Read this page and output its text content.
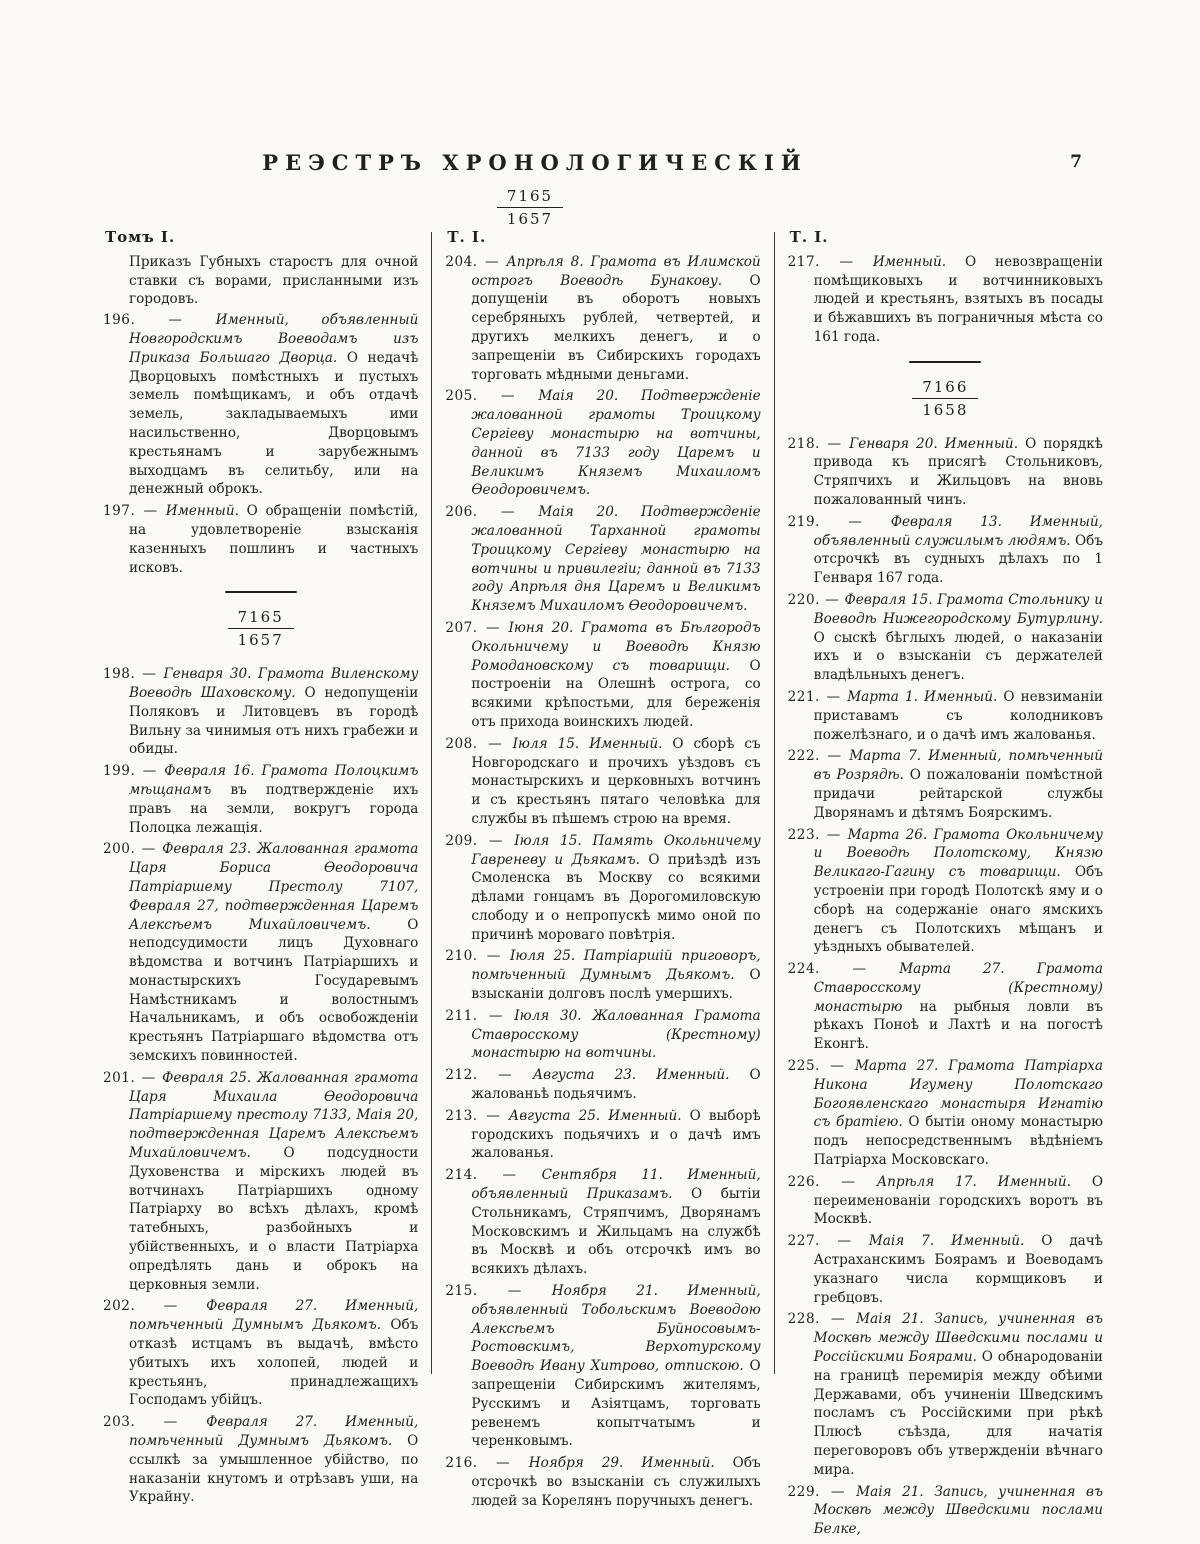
РЕЭСТРЪ ХРОНОЛОГИЧЕСКІЙ	7
$\frac{7165}{1657}$
Томъ I.

Приказъ Губныхъ старостъ для очной ставки съ ворами, присланными изъ городовъ.

196. — Именный, объявленный Новгородскимъ Воеводамъ изъ Приказа Большаго Дворца. О недачѣ Дворцовыхъ помѣстныхъ и пустыхъ земель помѣщикамъ, и объ отдачѣ земель, закладываемыхъ ими насильственно, Дворцовымъ крестьянамъ и зарубежнымъ выходцамъ въ селитьбу, или на денежный оброкъ.

197. — Именный. О обращеніи помѣстій, на удовлетвореніе взысканія казенныхъ пошлинъ и частныхъ исковъ.

$\frac{7165}{1657}$

198. — Генваря 30. Грамота Виленскому Воеводѣ Шаховскому. О недопущеніи Поляковъ и Литовцевъ въ городѣ Вильну за чинимыя отъ нихъ грабежи и обиды.

199. — Февраля 16. Грамота Полоцкимъ мѣщанамъ въ подтвержденіе ихъ правъ на земли, вокругъ города Полоцка лежащія.

200. — Февраля 23. Жалованная грамота Царя Бориса Ѳеодоровича Патріаршему Престолу 7107, Февраля 27, подтвержденная Царемъ Алексѣемъ Михайловичемъ. О неподсудимости лицъ Духовнаго вѣдомства и вотчинъ Патріаршихъ и монастырскихъ Государевымъ Намѣстникамъ и волостнымъ Начальникамъ, и объ освобожденіи крестьянъ Патріаршаго вѣдомства отъ земскихъ повинностей.

201. — Февраля 25. Жалованная грамота Царя Михаила Ѳеодоровича Патріаршему престолу 7133, Маія 20, подтвержденная Царемъ Алексѣемъ Михайловичемъ. О подсудности Духовенства и мірскихъ людей въ вотчинахъ Патріаршихъ одному Патріарху во всѣхъ дѣлахъ, кромѣ татебныхъ, разбойныхъ и убійственныхъ, и о власти Патріарха опредѣлять дань и оброкъ на церковныя земли.

202. — Февраля 27. Именный, помѣченный Думнымъ Дьякомъ. Объ отказѣ истцамъ въ выдачѣ, вмѣсто убитыхъ ихъ холопей, людей и крестьянъ, принадлежащихъ Господамъ убійцъ.

203. — Февраля 27. Именный, помѣченный Думнымъ Дьякомъ. О ссылкѣ за умышленное убійство, по наказаніи кнутомъ и отрѣзавъ уши, на Украйну.

Т. I.

204. — Апрѣля 8. Грамота въ Илимской острогъ Воеводѣ Бунакову. О допущеніи въ оборотъ новыхъ серебряныхъ рублей, четвертей, и другихъ мелкихъ денегъ, и о запрещеніи въ Сибирскихъ городахъ торговать мѣдными деньгами.

205. — Маія 20. Подтвержденіе жалованной грамоты Троицкому Сергіеву монастырю на вотчины, данной въ 7133 году Царемъ и Великимъ Княземъ Михаиломъ Ѳеодоровичемъ.

206. — Маія 20. Подтвержденіе жалованной Тарханной грамоты Троицкому Сергіеву монастырю на вотчины и привилегіи; данной въ 7133 году Апрѣля дня Царемъ и Великимъ Княземъ Михаиломъ Ѳеодоровичемъ.

207. — Іюня 20. Грамота въ Бѣлгородъ Окольничему и Воеводѣ Князю Ромодановскому съ товарищи. О построеніи на Олешнѣ острога, со всякими крѣпостьми, для береженія отъ прихода воинскихъ людей.

208. — Іюля 15. Именный. О сборѣ съ Новгородскаго и прочихъ уѣздовъ съ монастырскихъ и церковныхъ вотчинъ и съ крестьянъ пятаго человѣка для службы въ пѣшемъ строю на время.

209. — Іюля 15. Память Окольничему Гавреневу и Дьякамъ. О приѣздѣ изъ Смоленска въ Москву со всякими дѣлами гонцамъ въ Дорогомиловскую слободу и о непропускѣ мимо оной по причинѣ мороваго повѣтрія.

210. — Іюля 25. Патріаршій приговоръ, помѣченный Думнымъ Дьякомъ. О взысканіи долговъ послѣ умершихъ.

211. — Іюля 30. Жалованная Грамота Ставросскому (Крестному) монастырю на вотчины.

212. — Августа 23. Именный. О жалованьѣ подьячимъ.

213. — Августа 25. Именный. О выборѣ городскихъ подьячихъ и о дачѣ имъ жалованья.

214. — Сентября 11. Именный, объявленный Приказамъ. О бытіи Стольникамъ, Стряпчимъ, Дворянамъ Московскимъ и Жильцамъ на службѣ въ Москвѣ и объ отсрочкѣ имъ во всякихъ дѣлахъ.

215. — Ноября 21. Именный, объявленный Тобольскимъ Воеводою Алексѣемъ Буйносовымъ-Ростовскимъ, Верхотурскому Воеводѣ Ивану Хитрово, отпискою. О запрещеніи Сибирскимъ жителямъ, Русскимъ и Азіятцамъ, торговать ревенемъ копытчатымъ и черенковымъ.

216. — Ноября 29. Именный. Объ отсрочкѣ во взысканіи съ служилыхъ людей за Корелянъ поручныхъ денегъ.

Т. I.

217. — Именный. О невозвращеніи помѣщиковыхъ и вотчинниковыхъ людей и крестьянъ, взятыхъ въ посады и бѣжавшихъ въ пограничныя мѣста со 161 года.

$\frac{7166}{1658}$

218. — Генваря 20. Именный. О порядкѣ привода къ присягѣ Стольниковъ, Стряпчихъ и Жильцовъ на вновь пожалованный чинъ.

219. — Февраля 13. Именный, объявленный служилымъ людямъ. Объ отсрочкѣ въ судныхъ дѣлахъ по 1 Генваря 167 года.

220. — Февраля 15. Грамота Стольнику и Воеводѣ Нижегородскому Бутурлину. О сыскѣ бѣглыхъ людей, о наказаніи ихъ и о взысканіи съ держателей владѣльныхъ денегъ.

221. — Марта 1. Именный. О невзиманіи приставамъ съ колодниковъ пожелѣзнаго, и о дачѣ имъ жалованья.

222. — Марта 7. Именный, помѣченный въ Розрядѣ. О пожалованіи помѣстной придачи рейтарской службы Дворянамъ и дѣтямъ Боярскимъ.

223. — Марта 26. Грамота Окольничему и Воеводѣ Полотскому, Князю Великаго-Гагину съ товарищи. Объ устроеніи при городѣ Полотскѣ яму и о сборѣ на содержаніе онаго ямскихъ денегъ съ Полотскихъ мѣщанъ и уѣздныхъ обывателей.

224. — Марта 27. Грамота Ставросскому (Крестному) монастырю на рыбныя ловли въ рѣкахъ Поноѣ и Лахтѣ и на погостѣ Еконгѣ.

225. — Марта 27. Грамота Патріарха Никона Игумену Полотскаго Богоявленскаго монастыря Игнатію съ братіею. О бытіи оному монастырю подъ непосредственнымъ вѣдѣніемъ Патріарха Московскаго.

226. — Апрѣля 17. Именный. О переименованіи городскихъ воротъ въ Москвѣ.

227. — Маія 7. Именный. О дачѣ Астраханскимъ Боярамъ и Воеводамъ указнаго числа кормщиковъ и гребцовъ.

228. — Маія 21. Запись, учиненная въ Москвѣ между Шведскими послами и Россійскими Боярами. О обнародованіи на границѣ перемирія между обѣими Державами, объ учиненіи Шведскимъ посламъ съ Россійскими при рѣкѣ Плюсѣ съѣзда, для начатія переговоровъ объ утвержденіи вѣчнаго мира.

229. — Маія 21. Запись, учиненная въ Москвѣ между Шведскими послами Белке,
